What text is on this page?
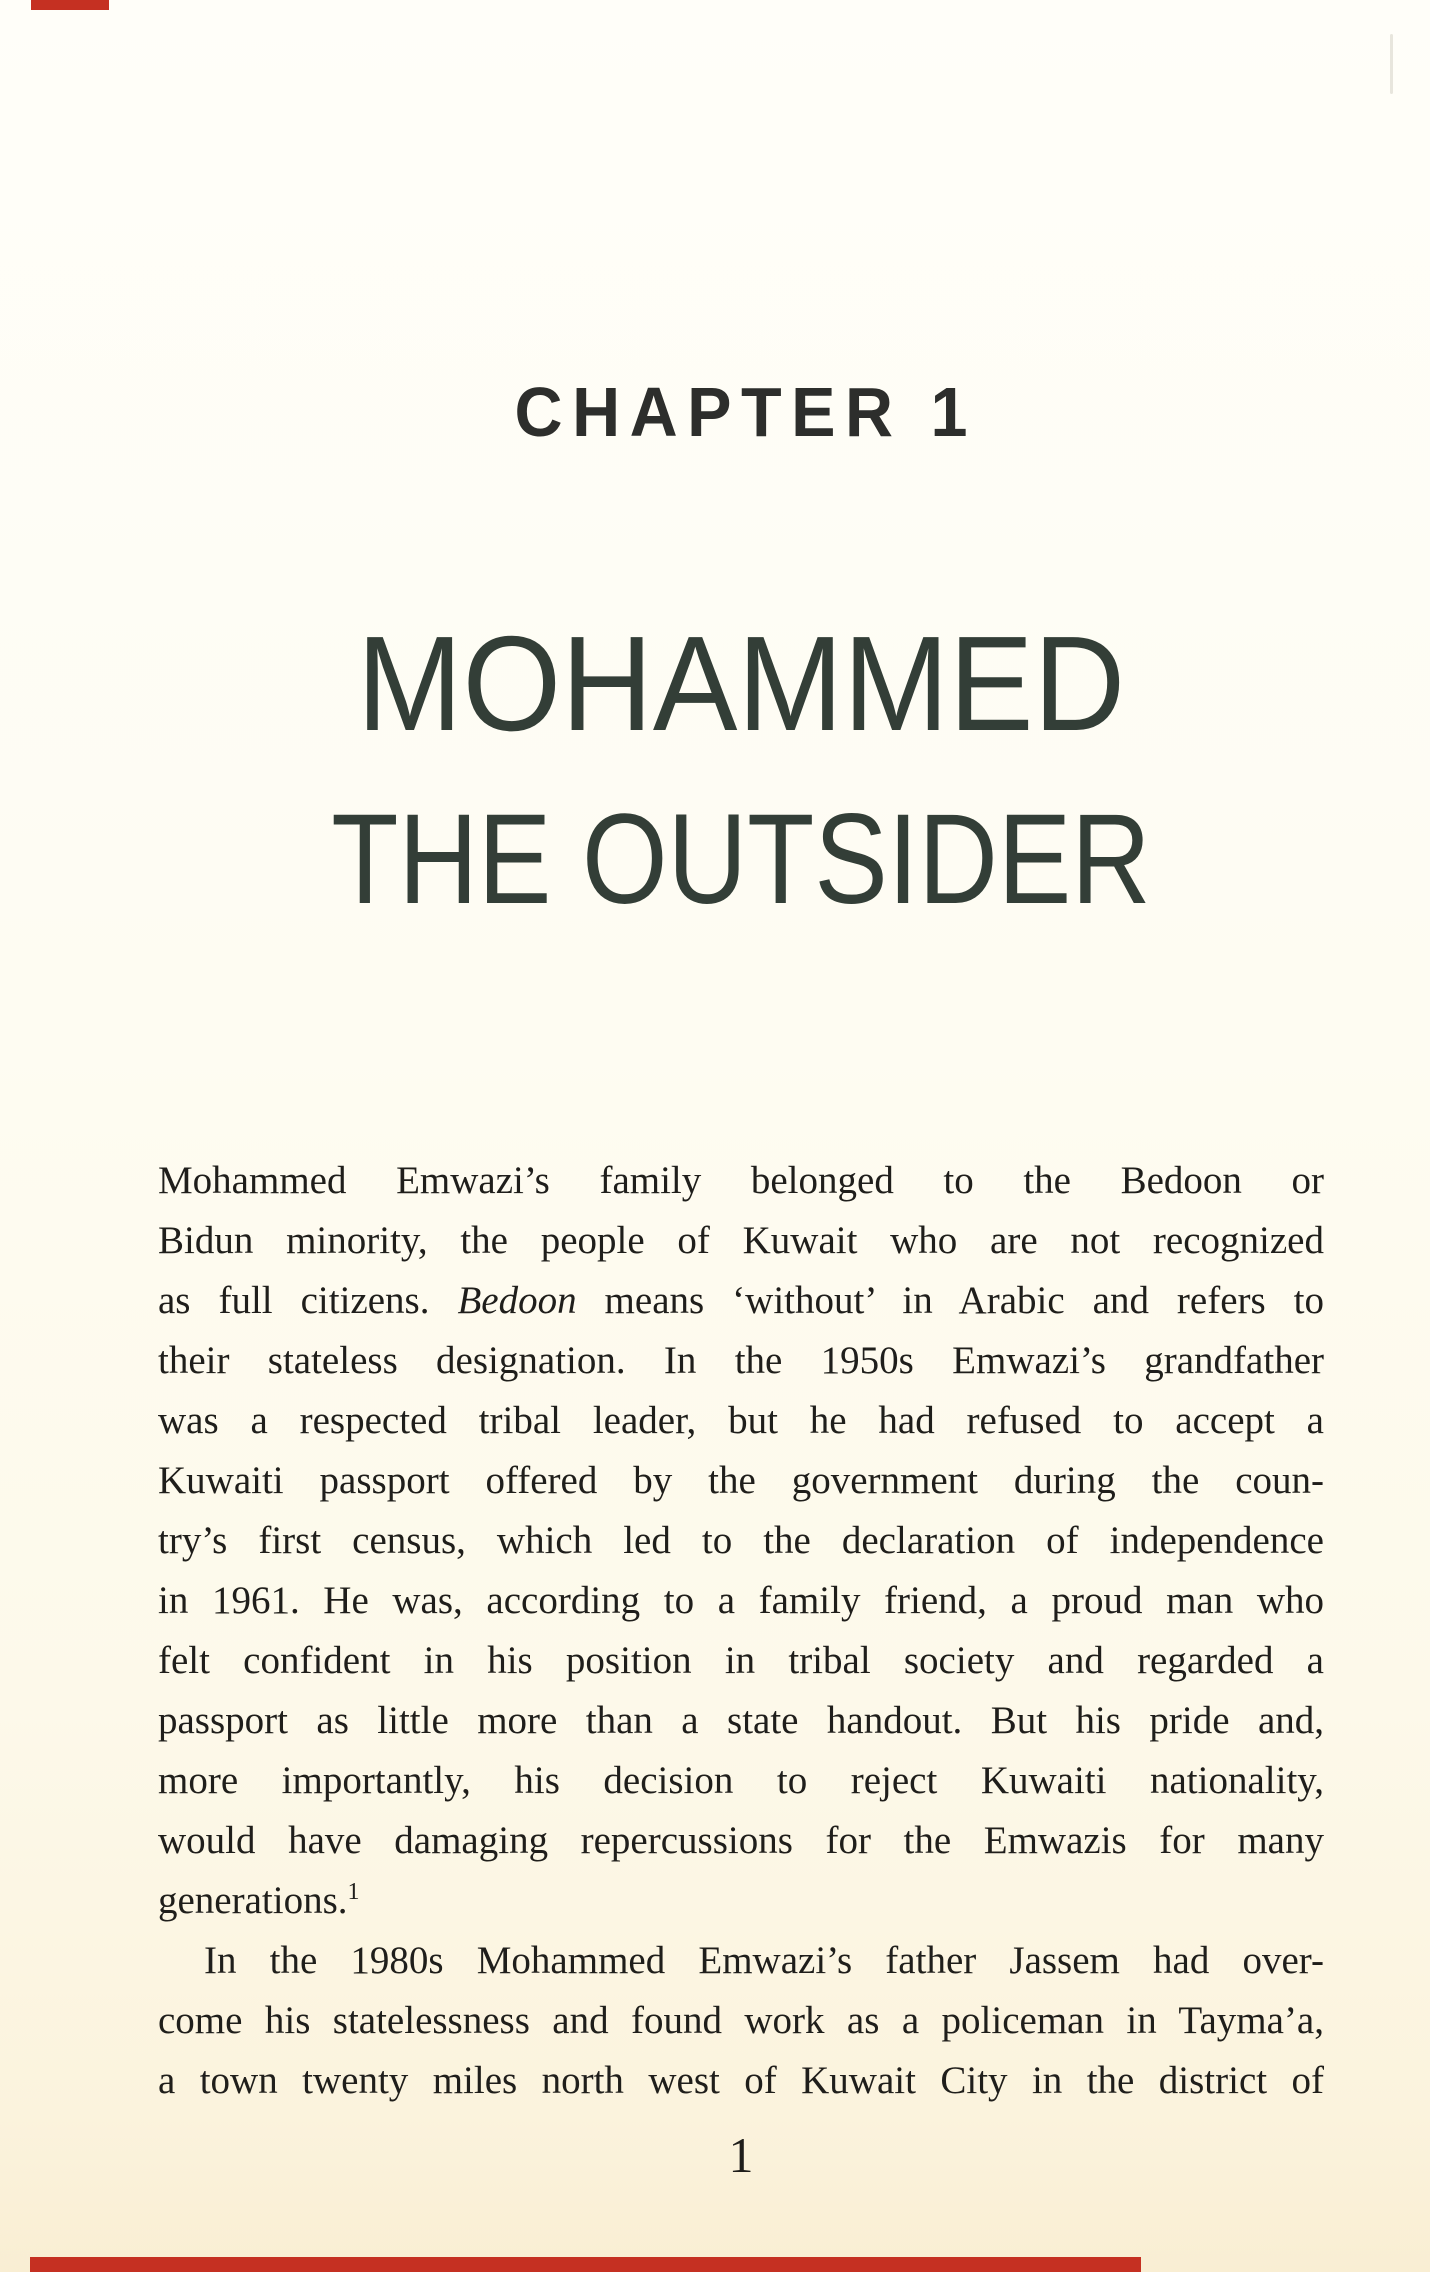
CHAPTER 1
MOHAMMED
THE OUTSIDER
Mohammed Emwazi’s family belonged to the Bedoon or
Bidun minority, the people of Kuwait who are not recognized
as full citizens. Bedoon means ‘without’ in Arabic and refers to
their stateless designation. In the 1950s Emwazi’s grandfather
was a respected tribal leader, but he had refused to accept a
Kuwaiti passport offered by the government during the coun-
try’s first census, which led to the declaration of independence
in 1961. He was, according to a family friend, a proud man who
felt confident in his position in tribal society and regarded a
passport as little more than a state handout. But his pride and,
more importantly, his decision to reject Kuwaiti nationality,
would have damaging repercussions for the Emwazis for many
generations.$^1$
In the 1980s Mohammed Emwazi’s father Jassem had over-
come his statelessness and found work as a policeman in Tayma’a,
a town twenty miles north west of Kuwait City in the district of
1
